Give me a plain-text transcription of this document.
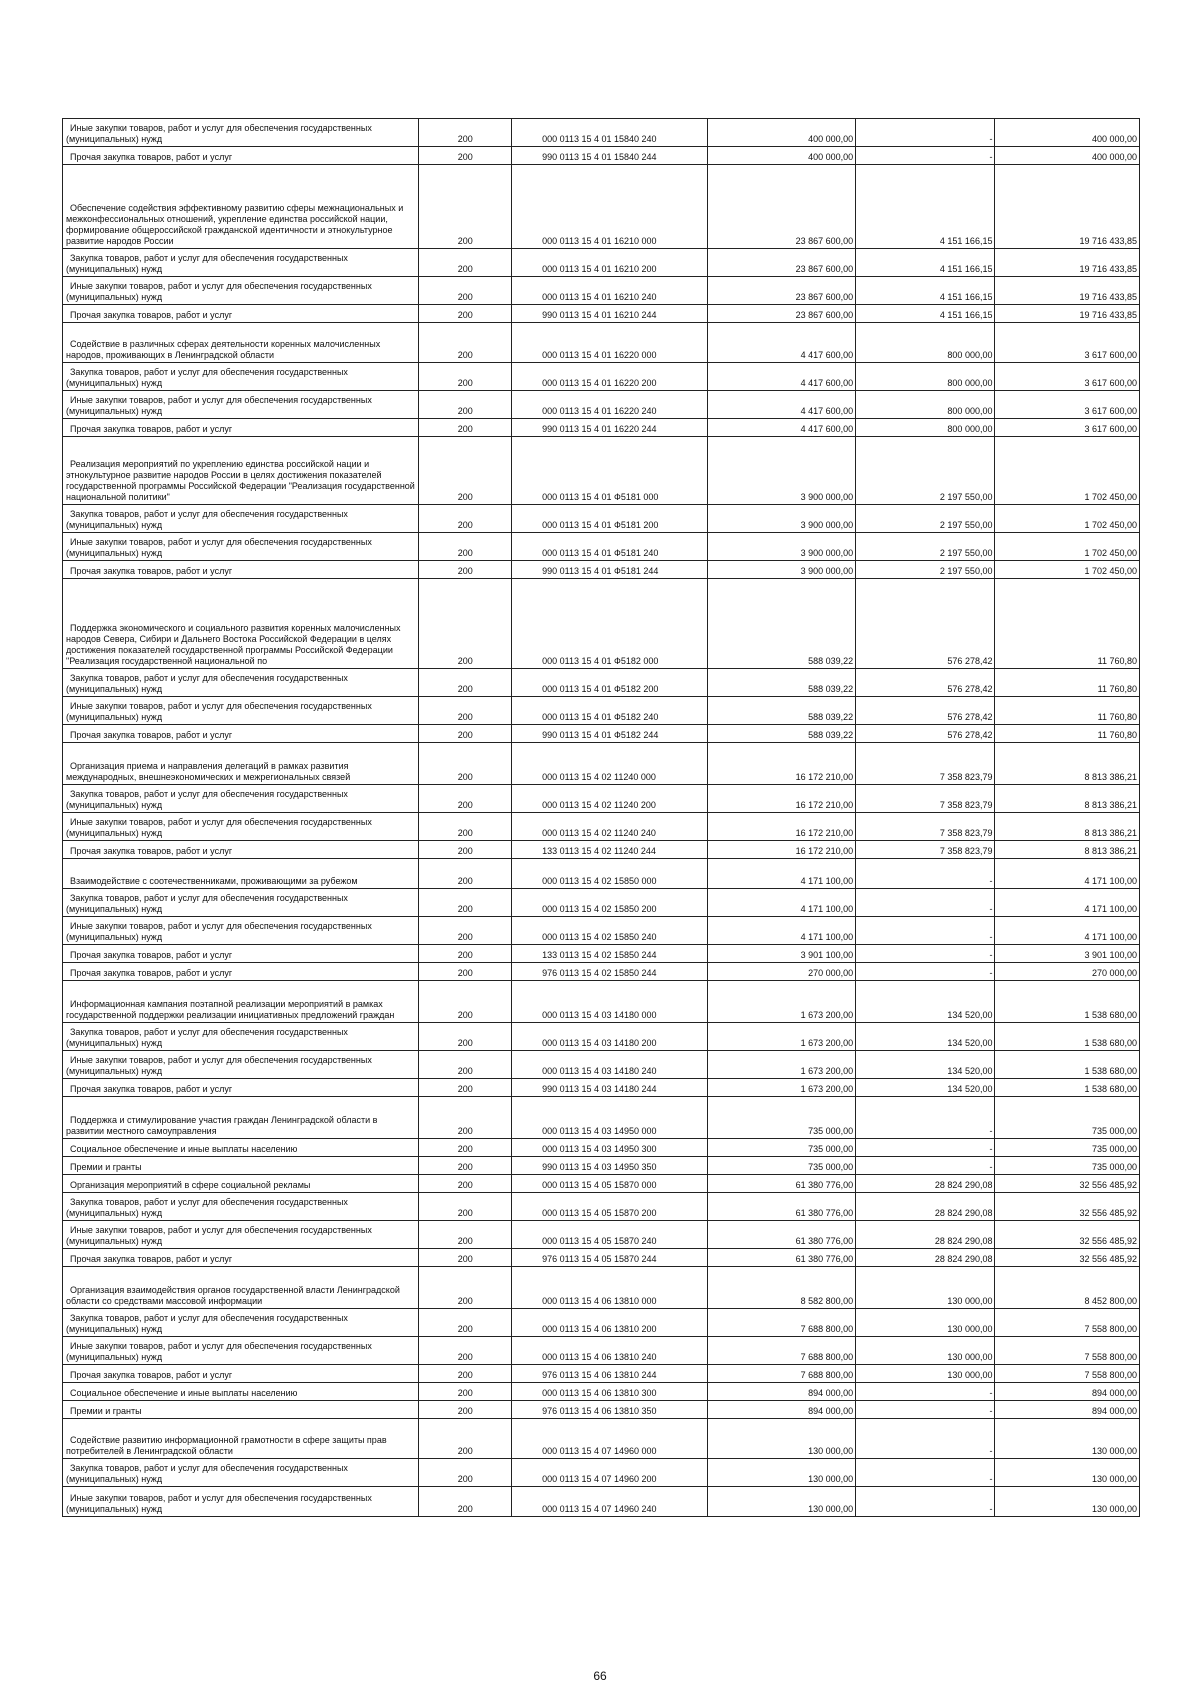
Иные закупки товаров, работ и услуг для обеспечения государственных (муниципальных) нужд	200	000 0113 15 4 01 15840 240	400 000,00	-	400 000,00
Прочая закупка товаров, работ и услуг	200	990 0113 15 4 01 15840 244	400 000,00	-	400 000,00
Обеспечение содействия эффективному развитию сферы межнациональных и межконфессиональных отношений, укрепление единства российской нации, формирование общероссийской гражданской идентичности и этнокультурное развитие народов России	200	000 0113 15 4 01 16210 000	23 867 600,00	4 151 166,15	19 716 433,85
Закупка товаров, работ и услуг для обеспечения государственных (муниципальных) нужд	200	000 0113 15 4 01 16210 200	23 867 600,00	4 151 166,15	19 716 433,85
Иные закупки товаров, работ и услуг для обеспечения государственных (муниципальных) нужд	200	000 0113 15 4 01 16210 240	23 867 600,00	4 151 166,15	19 716 433,85
Прочая закупка товаров, работ и услуг	200	990 0113 15 4 01 16210 244	23 867 600,00	4 151 166,15	19 716 433,85
Содействие в различных сферах деятельности коренных малочисленных народов, проживающих в Ленинградской области	200	000 0113 15 4 01 16220 000	4 417 600,00	800 000,00	3 617 600,00
Закупка товаров, работ и услуг для обеспечения государственных (муниципальных) нужд	200	000 0113 15 4 01 16220 200	4 417 600,00	800 000,00	3 617 600,00
Иные закупки товаров, работ и услуг для обеспечения государственных (муниципальных) нужд	200	000 0113 15 4 01 16220 240	4 417 600,00	800 000,00	3 617 600,00
Прочая закупка товаров, работ и услуг	200	990 0113 15 4 01 16220 244	4 417 600,00	800 000,00	3 617 600,00
Реализация мероприятий по укреплению единства российской нации и этнокультурное развитие народов России в целях достижения показателей государственной программы Российской Федерации "Реализация государственной национальной политики"	200	000 0113 15 4 01 Ф5181 000	3 900 000,00	2 197 550,00	1 702 450,00
Закупка товаров, работ и услуг для обеспечения государственных (муниципальных) нужд	200	000 0113 15 4 01 Ф5181 200	3 900 000,00	2 197 550,00	1 702 450,00
Иные закупки товаров, работ и услуг для обеспечения государственных (муниципальных) нужд	200	000 0113 15 4 01 Ф5181 240	3 900 000,00	2 197 550,00	1 702 450,00
Прочая закупка товаров, работ и услуг	200	990 0113 15 4 01 Ф5181 244	3 900 000,00	2 197 550,00	1 702 450,00
Поддержка экономического и социального развития коренных малочисленных народов Севера, Сибири и Дальнего Востока Российской Федерации в целях достижения показателей государственной программы Российской Федерации "Реализация государственной национальной по	200	000 0113 15 4 01 Ф5182 000	588 039,22	576 278,42	11 760,80
Закупка товаров, работ и услуг для обеспечения государственных (муниципальных) нужд	200	000 0113 15 4 01 Ф5182 200	588 039,22	576 278,42	11 760,80
Иные закупки товаров, работ и услуг для обеспечения государственных (муниципальных) нужд	200	000 0113 15 4 01 Ф5182 240	588 039,22	576 278,42	11 760,80
Прочая закупка товаров, работ и услуг	200	990 0113 15 4 01 Ф5182 244	588 039,22	576 278,42	11 760,80
Организация приема и направления делегаций в рамках развития международных, внешнеэкономических и межрегиональных связей	200	000 0113 15 4 02 11240 000	16 172 210,00	7 358 823,79	8 813 386,21
Закупка товаров, работ и услуг для обеспечения государственных (муниципальных) нужд	200	000 0113 15 4 02 11240 200	16 172 210,00	7 358 823,79	8 813 386,21
Иные закупки товаров, работ и услуг для обеспечения государственных (муниципальных) нужд	200	000 0113 15 4 02 11240 240	16 172 210,00	7 358 823,79	8 813 386,21
Прочая закупка товаров, работ и услуг	200	133 0113 15 4 02 11240 244	16 172 210,00	7 358 823,79	8 813 386,21
Взаимодействие с соотечественниками, проживающими за рубежом	200	000 0113 15 4 02 15850 000	4 171 100,00	-	4 171 100,00
Закупка товаров, работ и услуг для обеспечения государственных (муниципальных) нужд	200	000 0113 15 4 02 15850 200	4 171 100,00	-	4 171 100,00
Иные закупки товаров, работ и услуг для обеспечения государственных (муниципальных) нужд	200	000 0113 15 4 02 15850 240	4 171 100,00	-	4 171 100,00
Прочая закупка товаров, работ и услуг	200	133 0113 15 4 02 15850 244	3 901 100,00	-	3 901 100,00
Прочая закупка товаров, работ и услуг	200	976 0113 15 4 02 15850 244	270 000,00	-	270 000,00
Информационная кампания поэтапной реализации мероприятий в рамках государственной поддержки реализации инициативных предложений граждан	200	000 0113 15 4 03 14180 000	1 673 200,00	134 520,00	1 538 680,00
Закупка товаров, работ и услуг для обеспечения государственных (муниципальных) нужд	200	000 0113 15 4 03 14180 200	1 673 200,00	134 520,00	1 538 680,00
Иные закупки товаров, работ и услуг для обеспечения государственных (муниципальных) нужд	200	000 0113 15 4 03 14180 240	1 673 200,00	134 520,00	1 538 680,00
Прочая закупка товаров, работ и услуг	200	990 0113 15 4 03 14180 244	1 673 200,00	134 520,00	1 538 680,00
Поддержка и стимулирование участия граждан Ленинградской области в развитии местного самоуправления	200	000 0113 15 4 03 14950 000	735 000,00	-	735 000,00
Социальное обеспечение и иные выплаты населению	200	000 0113 15 4 03 14950 300	735 000,00	-	735 000,00
Премии и гранты	200	990 0113 15 4 03 14950 350	735 000,00	-	735 000,00
Организация мероприятий в сфере социальной рекламы	200	000 0113 15 4 05 15870 000	61 380 776,00	28 824 290,08	32 556 485,92
Закупка товаров, работ и услуг для обеспечения государственных (муниципальных) нужд	200	000 0113 15 4 05 15870 200	61 380 776,00	28 824 290,08	32 556 485,92
Иные закупки товаров, работ и услуг для обеспечения государственных (муниципальных) нужд	200	000 0113 15 4 05 15870 240	61 380 776,00	28 824 290,08	32 556 485,92
Прочая закупка товаров, работ и услуг	200	976 0113 15 4 05 15870 244	61 380 776,00	28 824 290,08	32 556 485,92
Организация взаимодействия органов государственной власти Ленинградской области со средствами массовой информации	200	000 0113 15 4 06 13810 000	8 582 800,00	130 000,00	8 452 800,00
Закупка товаров, работ и услуг для обеспечения государственных (муниципальных) нужд	200	000 0113 15 4 06 13810 200	7 688 800,00	130 000,00	7 558 800,00
Иные закупки товаров, работ и услуг для обеспечения государственных (муниципальных) нужд	200	000 0113 15 4 06 13810 240	7 688 800,00	130 000,00	7 558 800,00
Прочая закупка товаров, работ и услуг	200	976 0113 15 4 06 13810 244	7 688 800,00	130 000,00	7 558 800,00
Социальное обеспечение и иные выплаты населению	200	000 0113 15 4 06 13810 300	894 000,00	-	894 000,00
Премии и гранты	200	976 0113 15 4 06 13810 350	894 000,00	-	894 000,00
Содействие развитию информационной грамотности в сфере защиты прав потребителей в Ленинградской области	200	000 0113 15 4 07 14960 000	130 000,00	-	130 000,00
Закупка товаров, работ и услуг для обеспечения государственных (муниципальных) нужд	200	000 0113 15 4 07 14960 200	130 000,00	-	130 000,00
Иные закупки товаров, работ и услуг для обеспечения государственных (муниципальных) нужд	200	000 0113 15 4 07 14960 240	130 000,00	-	130 000,00
66
